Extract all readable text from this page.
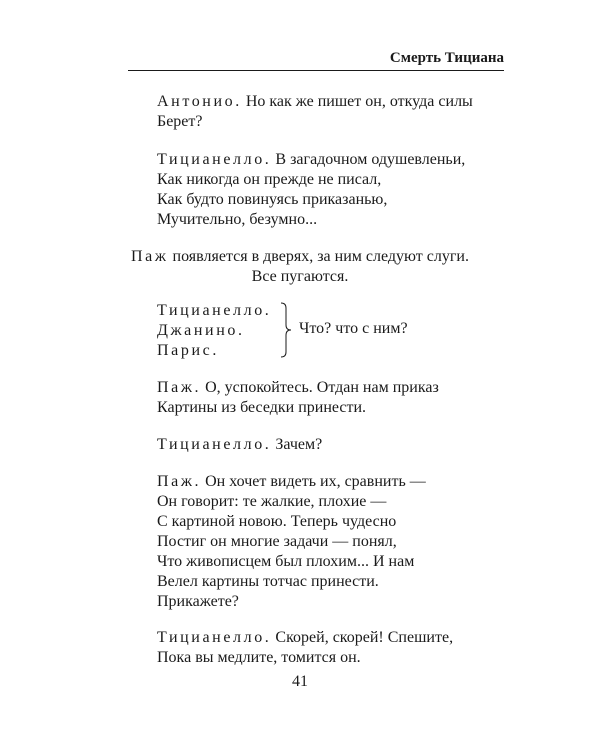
Смерть Тициана
Антонио. Но как же пишет он, откуда силы
Берет?
Тицианелло. В загадочном одушевленьи,
Как никогда он прежде не писал,
Как будто повинуясь приказанью,
Мучительно, безумно...
Паж появляется в дверях, за ним следуют слуги.
Все пугаются.
Тицианелло.
Джанино.
Парис.
Что? что с ним?
Паж. О, успокойтесь. Отдан нам приказ
Картины из беседки принести.
Тицианелло. Зачем?
Паж. Он хочет видеть их, сравнить —
Он говорит: те жалкие, плохие —
С картиной новою. Теперь чудесно
Постиг он многие задачи — понял,
Что живописцем был плохим... И нам
Велел картины тотчас принести.
Прикажете?
Тицианелло. Скорей, скорей! Спешите,
Пока вы медлите, томится он.
41
